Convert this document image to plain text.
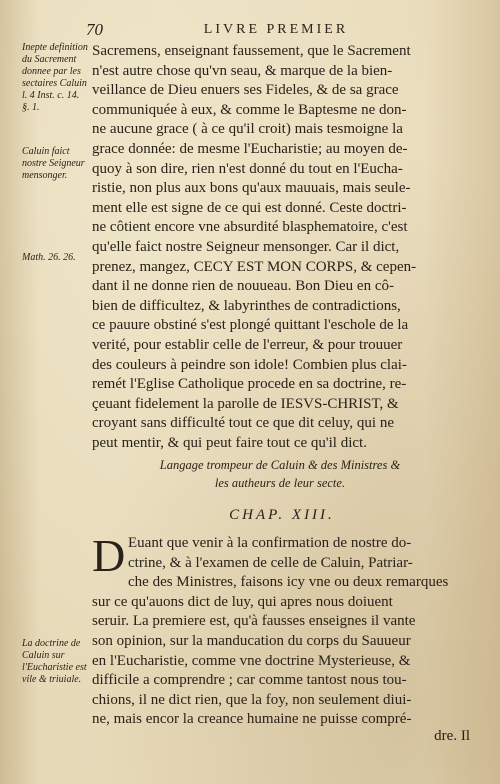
70	LIVRE PREMIER
Inepte definition du Sacrement donnee par les sectaires Caluin l. 4 Inst. c. 14. §. 1.
Caluin faict nostre Seigneur mensonger.
Math. 26. 26.
La doctrine de Caluin sur l'Eucharistie est vile & triuiale.
Sacremens, enseignant faussement, que le Sacrement
n'est autre chose qu'vn seau, & marque de la bien-
veillance de Dieu enuers ses Fideles, & de sa grace
communiquée à eux, & comme le Baptesme ne don-
ne aucune grace ( à ce qu'il croit) mais tesmoigne la
grace donnée: de mesme l'Eucharistie; au moyen de-
quoy à son dire, rien n'est donné du tout en l'Eucha-
ristie, non plus aux bons qu'aux mauuais, mais seule-
ment elle est signe de ce qui est donné. Ceste doctri-
ne côtient encore vne absurdité blasphematoire, c'est
qu'elle faict nostre Seigneur mensonger. Car il dict,
prenez, mangez, CECY EST MON CORPS, & cepen-
dant il ne donne rien de nouueau. Bon Dieu en cô-
bien de difficultez, & labyrinthes de contradictions,
ce pauure obstiné s'est plongé quittant l'eschole de la
verité, pour establir celle de l'erreur, & pour trouuer
des couleurs à peindre son idole! Combien plus clai-
remét l'Eglise Catholique procede en sa doctrine, re-
çeuant fidelement la parolle de IESVS-CHRIST, &
croyant sans difficulté tout ce que dit celuy, qui ne
peut mentir, & qui peut faire tout ce qu'il dict.
Langage trompeur de Caluin & des Ministres &
les autheurs de leur secte.
CHAP. XIII.
D Euant que venir à la confirmation de nostre do-
ctrine, & à l'examen de celle de Caluin, Patriar-
che des Ministres, faisons icy vne ou deux remarques
sur ce qu'auons dict de luy, qui apres nous doiuent
seruir. La premiere est, qu'à fausses enseignes il vante
son opinion, sur la manducation du corps du Sauueur
en l'Eucharistie, comme vne doctrine Mysterieuse, &
difficile a comprendre ; car comme tantost nous tou-
chions, il ne dict rien, que la foy, non seulement diui-
ne, mais encor la creance humaine ne puisse compré-
dre. Il
